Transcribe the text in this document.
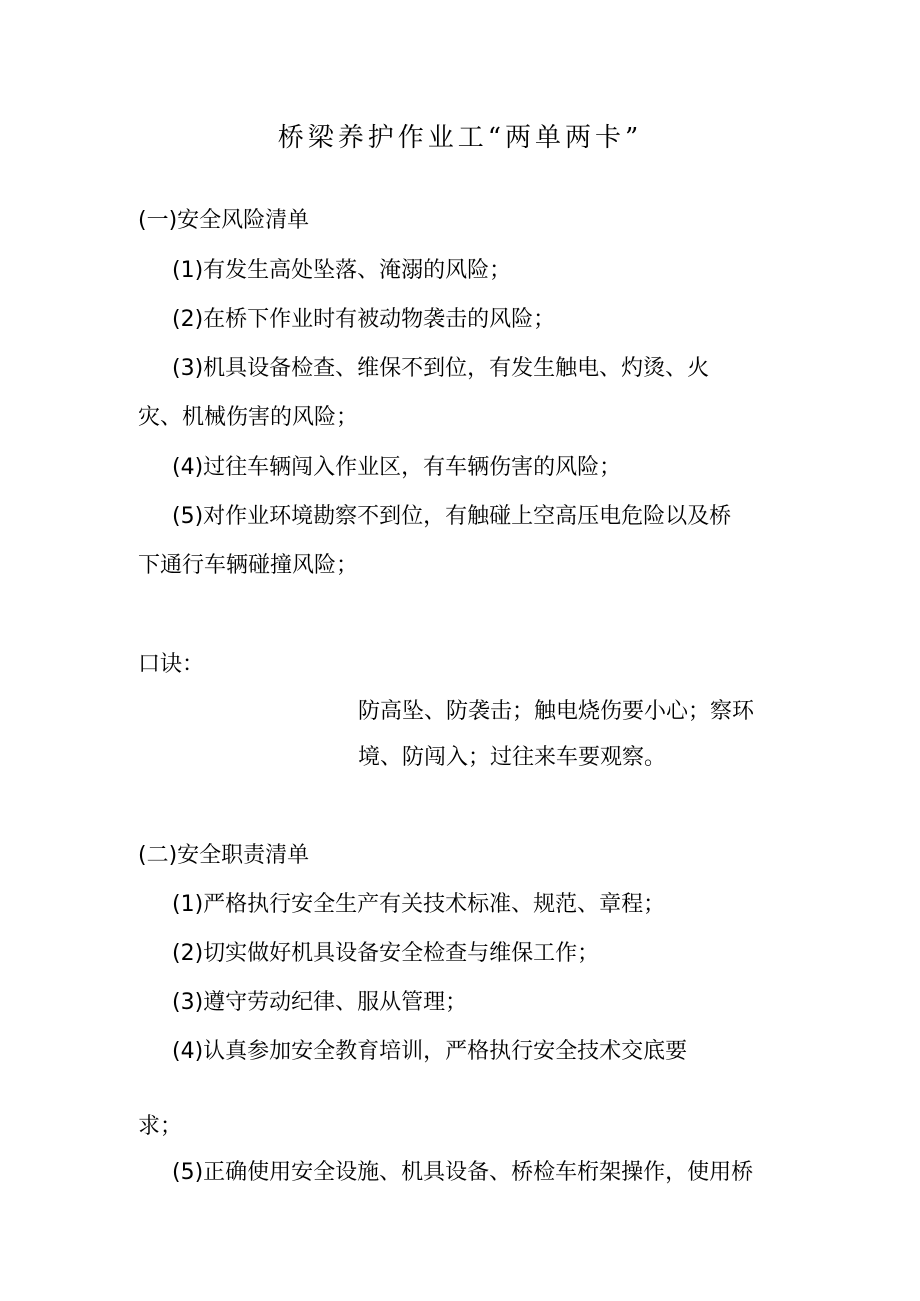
桥梁养护作业工“两单两卡”
(一)安全风险清单
(1)有发生高处坠落、淹溺的风险；
(2)在桥下作业时有被动物袭击的风险；
(3)机具设备检查、维保不到位，有发生触电、灼烫、火
灾、机械伤害的风险；
(4)过往车辆闯入作业区，有车辆伤害的风险；
(5)对作业环境勘察不到位，有触碰上空高压电危险以及桥
下通行车辆碰撞风险；
口诀：
防高坠、防袭击；触电烧伤要小心；察环
境、防闯入；过往来车要观察。
(二)安全职责清单
(1)严格执行安全生产有关技术标准、规范、章程；
(2)切实做好机具设备安全检查与维保工作；
(3)遵守劳动纪律、服从管理；
(4)认真参加安全教育培训，严格执行安全技术交底要
求；
(5)正确使用安全设施、机具设备、桥检车桁架操作，使用桥
